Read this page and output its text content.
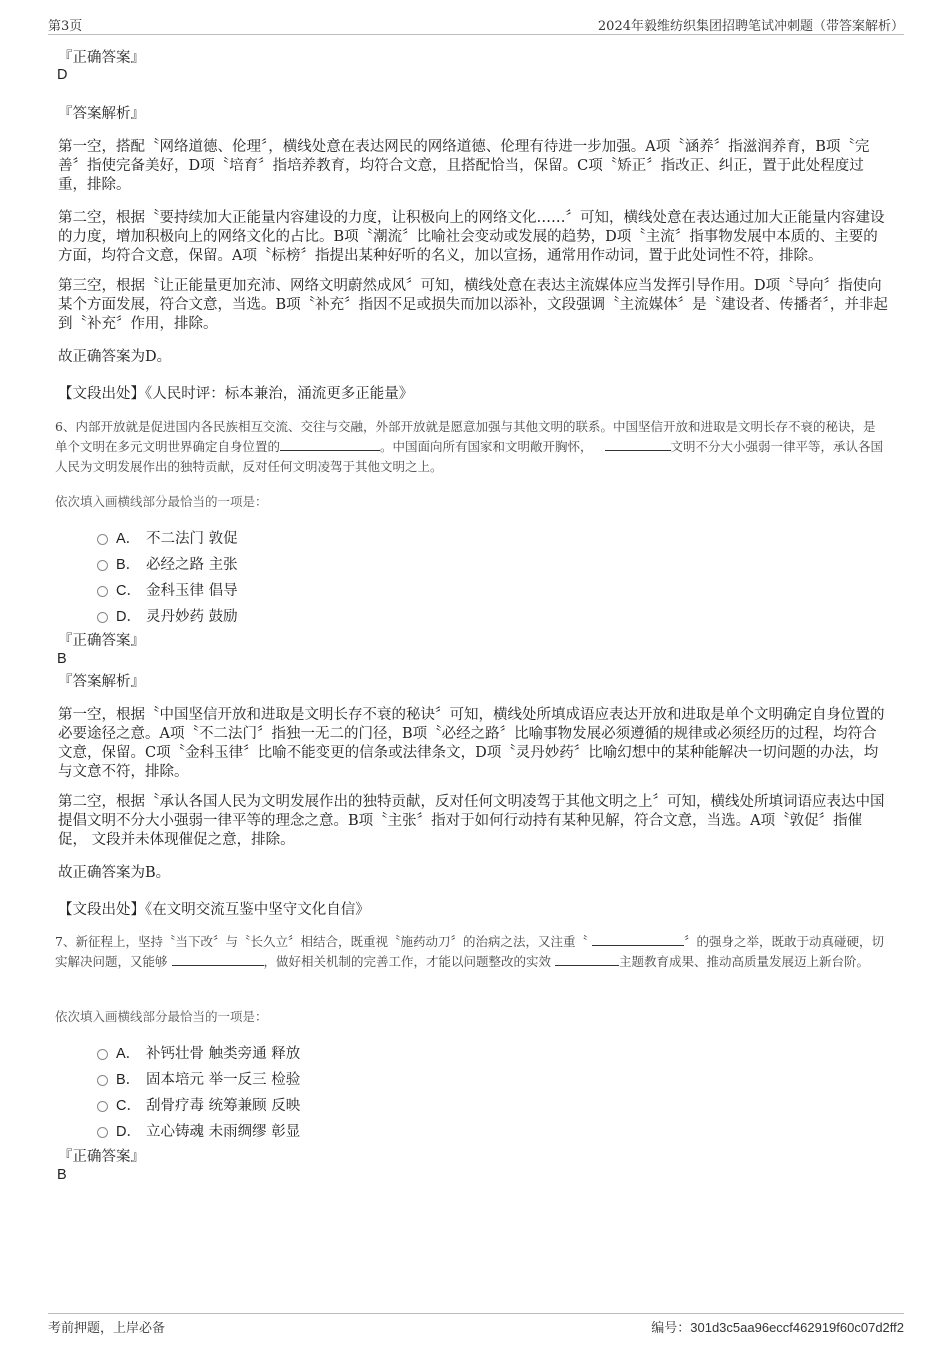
第3页	2024年毅维纺织集团招聘笔试冲刺题（带答案解析）
『正确答案』
D
『答案解析』

第一空，搭配〝网络道德、伦理〞，横线处意在表达网民的网络道德、伦理有待进一步加强。A项〝涵养〞指滋润养育，B项〝完善〞指使完备美好，D项〝培育〞指培养教育，均符合文意，且搭配恰当，保留。C项〝矫正〞指改正、纠正，置于此处程度过重，排除。

第二空，根据〝要持续加大正能量内容建设的力度，让积极向上的网络文化……〞可知，横线处意在表达通过加大正能量内容建设的力度，增加积极向上的网络文化的占比。B项〝潮流〞比喻社会变动或发展的趋势，D项〝主流〞指事物发展中本质的、主要的方面，均符合文意，保留。A项〝标榜〞指提出某种好听的名义，加以宣扬，通常用作动词，置于此处词性不符，排除。

第三空，根据〝让正能量更加充沛、网络文明蔚然成风〞可知，横线处意在表达主流媒体应当发挥引导作用。D项〝导向〞指使向某个方面发展，符合文意，当选。B项〝补充〞指因不足或损失而加以添补，文段强调〝主流媒体〞是〝建设者、传播者〞，并非起到〝补充〞作用，排除。

故正确答案为D。
【文段出处】《人民时评：标本兼治，涌流更多正能量》

6、内部开放就是促进国内各民族相互交流、交往与交融，外部开放就是愿意加强与其他文明的联系。中国坚信开放和进取是文明长存不衰的秘诀，是单个文明在多元文明世界确定自身位置的	。中国面向所有国家和文明敞开胸怀，	文明不分大小强弱一律平等，承认各国人民为文明发展作出的独特贡献，反对任何文明凌驾于其他文明之上。

依次填入画横线部分最恰当的一项是：
A． 不二法门 敦促
B． 必经之路 主张
C． 金科玉律 倡导
D． 灵丹妙药 鼓励
『正确答案』
B
『答案解析』

第一空，根据〝中国坚信开放和进取是文明长存不衰的秘诀〞可知，横线处所填成语应表达开放和进取是单个文明确定自身位置的必要途径之意。A项〝不二法门〞指独一无二的门径，B项〝必经之路〞比喻事物发展必须遵循的规律或必须经历的过程，均符合文意，保留。C项〝金科玉律〞比喻不能变更的信条或法律条文，D项〝灵丹妙药〞比喻幻想中的某种能解决一切问题的办法，均与文意不符，排除。

第二空，根据〝承认各国人民为文明发展作出的独特贡献，反对任何文明凌驾于其他文明之上〞可知，横线处所填词语应表达中国提倡文明不分大小强弱一律平等的理念之意。B项〝主张〞指对于如何行动持有某种见解，符合文意，当选。A项〝敦促〞指催促， 文段并未体现催促之意，排除。

故正确答案为B。
【文段出处】《在文明交流互鉴中坚守文化自信》

7、新征程上，坚持〝当下改〞与〝长久立〞相结合，既重视〝施药动刀〞的治病之法，又注重〝	〞的强身之举，既敢于动真碰硬，切实解决问题，又能够	，做好相关机制的完善工作，才能以问题整改的实效	主题教育成果、推动高质量发展迈上新台阶。

依次填入画横线部分最恰当的一项是：
A． 补钙壮骨 触类旁通 释放
B． 固本培元 举一反三 检验
C． 刮骨疗毒 统筹兼顾 反映
D． 立心铸魂 未雨绸缪 彰显
『正确答案』
B
考前押题，上岸必备	编号：301d3c5aa96eccf462919f60c07d2ff2
